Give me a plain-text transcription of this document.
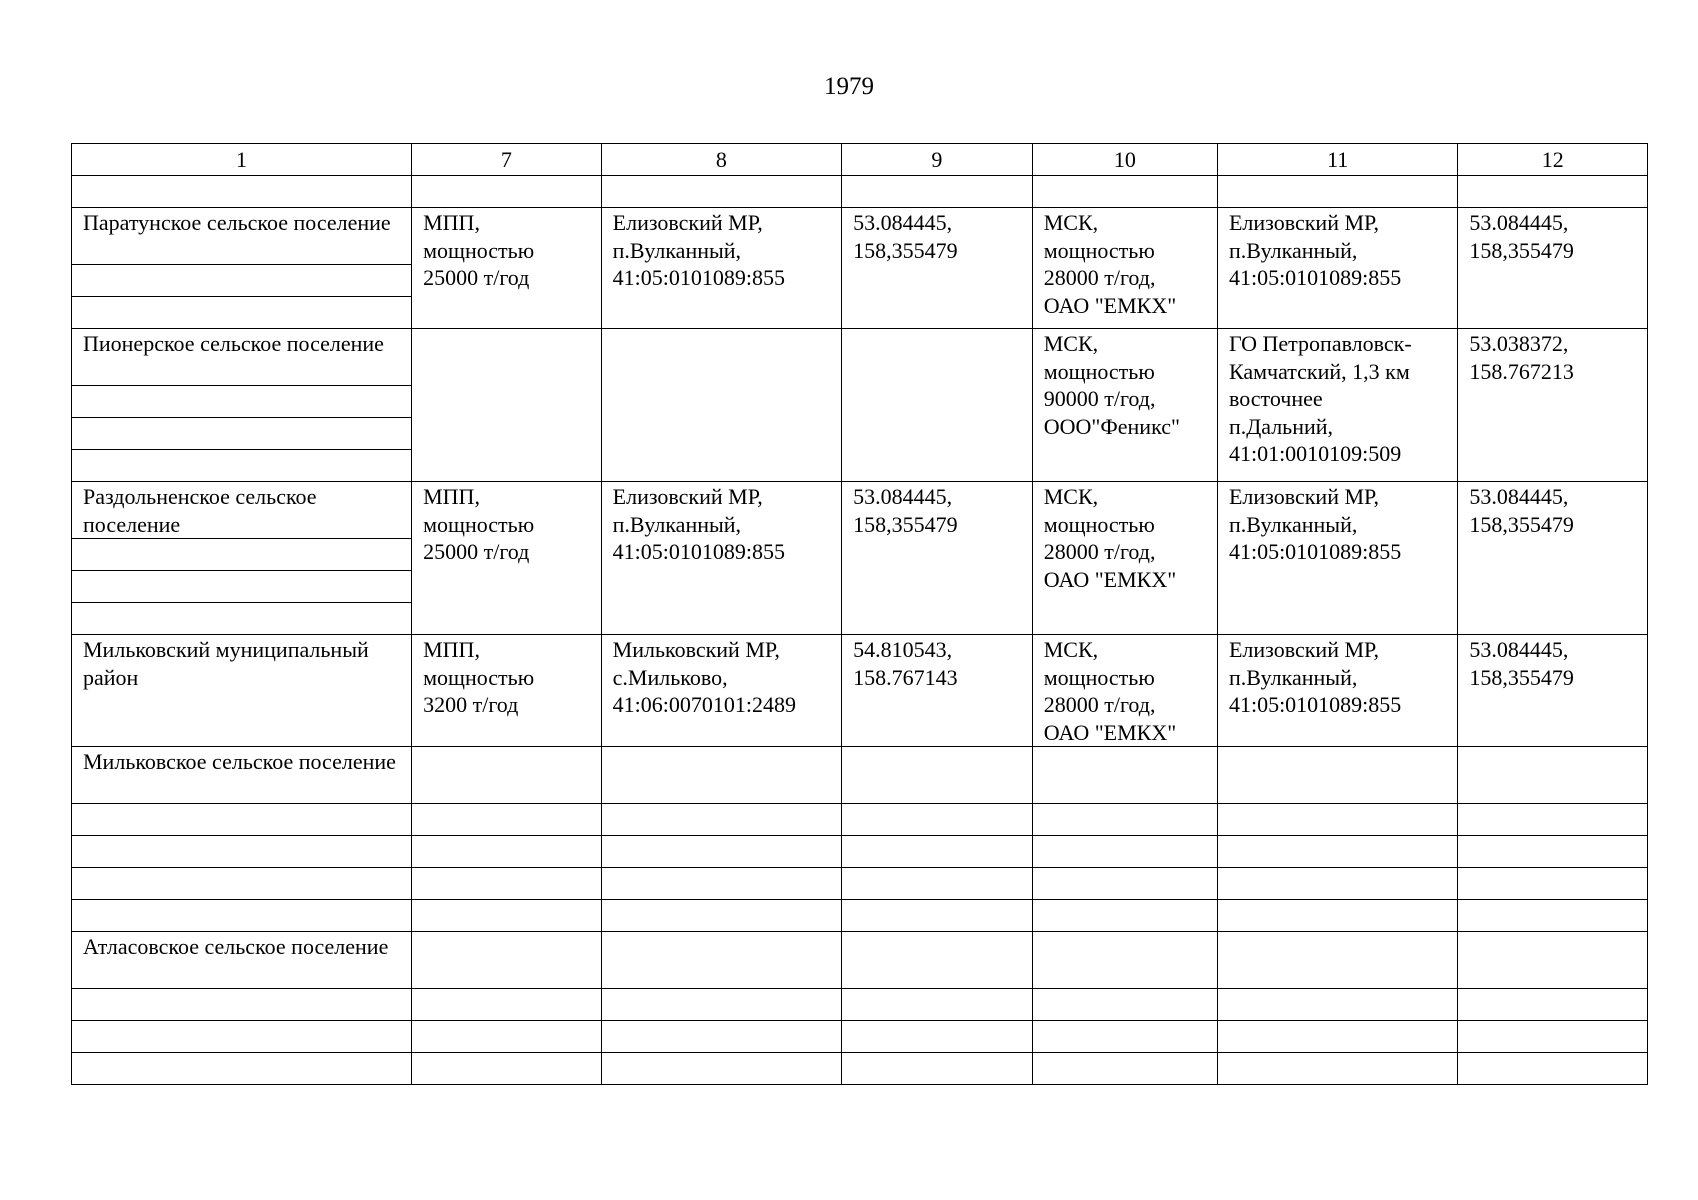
1979
1	7	8	9	10	11	12

Паратунское сельское поселение	МПП,
мощностью
25000 т/год	Елизовский МР,
п.Вулканный,
41:05:0101089:855	53.084445,
158,355479	МСК,
мощностью
28000 т/год,
ОАО "ЕМКХ"	Елизовский МР,
п.Вулканный,
41:05:0101089:855	53.084445,
158,355479

Пионерское сельское поселение				МСК,
мощностью
90000 т/год,
ООО"Феникс"	ГО Петропавловск-
Камчатский, 1,3 км
восточнее
п.Дальний,
41:01:0010109:509	53.038372,
158.767213

Раздольненское сельское поселение	МПП,
мощностью
25000 т/год	Елизовский МР,
п.Вулканный,
41:05:0101089:855	53.084445,
158,355479	МСК,
мощностью
28000 т/год,
ОАО "ЕМКХ"	Елизовский МР,
п.Вулканный,
41:05:0101089:855	53.084445,
158,355479

Мильковский муниципальный район	МПП,
мощностью
3200 т/год	Мильковский МР,
с.Мильково,
41:06:0070101:2489	54.810543,
158.767143	МСК,
мощностью
28000 т/год,
ОАО "ЕМКХ"	Елизовский МР,
п.Вулканный,
41:05:0101089:855	53.084445,
158,355479
Мильковское сельское поселение						

Атласовское сельское поселение						
